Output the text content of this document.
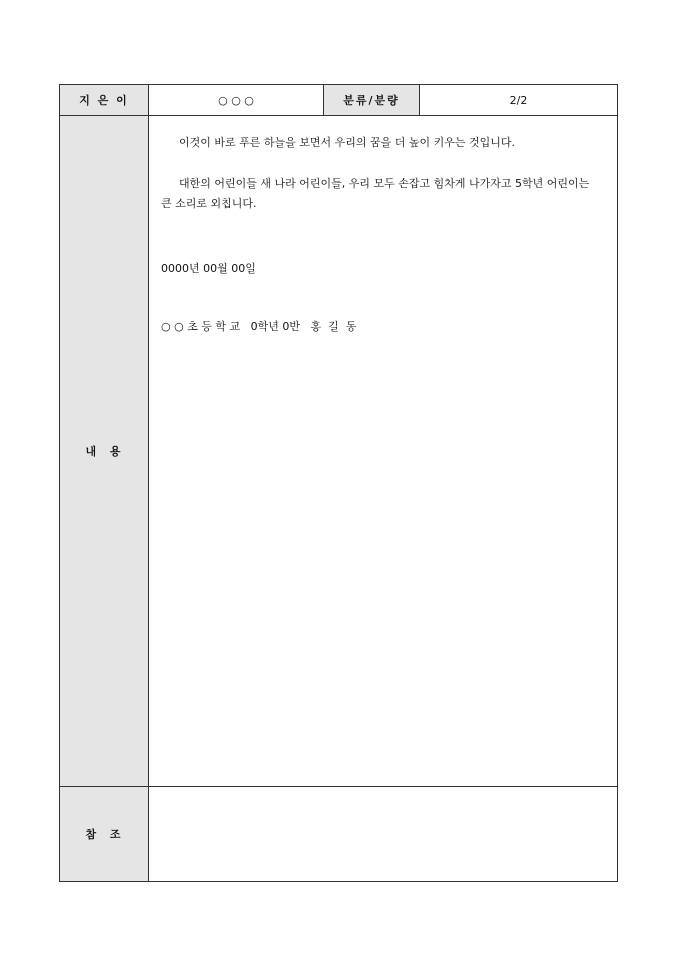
지 은 이	○ ○ ○	분류/분량	2/2
내  용	이것이 바로 푸른 하늘을 보면서 우리의 꿈을 더 높이 키우는 것입니다.

대한의 어린이들 새 나라 어린이들, 우리 모두 손잡고 힘차게 나가자고 5학년 어린이는 큰 소리로 외칩니다.

0000년 00월 00일
○ ○ 초 등 학 교   0학년 0반   홍  길  동		

참  조			
